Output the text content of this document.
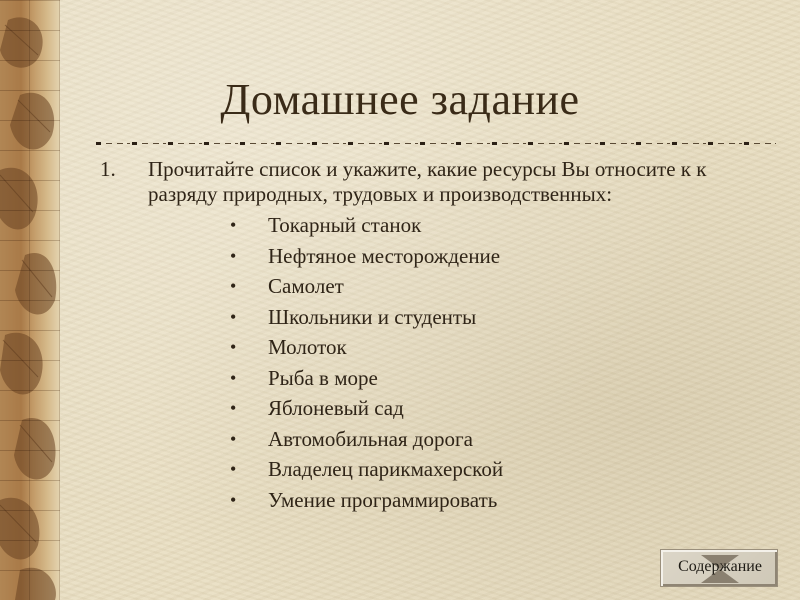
Домашнее задание
1.	Прочитайте список и укажите, какие ресурсы Вы относите к к разряду природных, трудовых и производственных:
•	Токарный станок
•	Нефтяное месторождение
•	Самолет
•	Школьники и студенты
•	Молоток
•	Рыба в море
•	Яблоневый сад
•	Автомобильная дорога
•	Владелец парикмахерской
•	Умение программировать
Содержание
